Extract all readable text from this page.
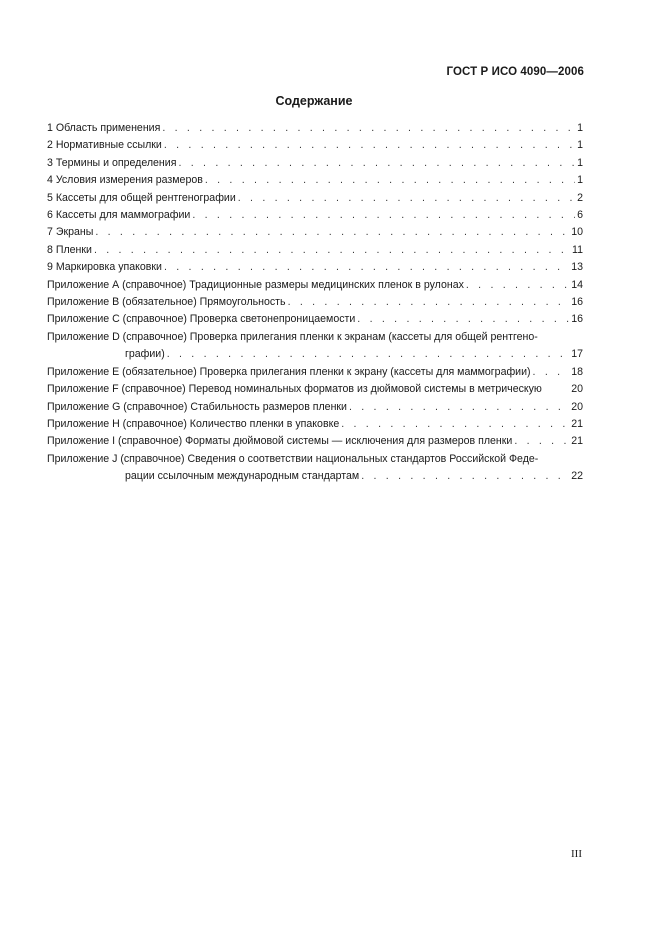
ГОСТ Р ИСО 4090—2006
Содержание
1 Область применения . . .	1
2 Нормативные ссылки . . .	1
3 Термины и определения . . .	1
4 Условия измерения размеров . . .	1
5 Кассеты для общей рентгенографии . . .	2
6 Кассеты для маммографии . . .	6
7 Экраны . . .	10
8 Пленки . . .	11
9 Маркировка упаковки . . .	13
Приложение А (справочное) Традиционные размеры медицинских пленок в рулонах . . .	14
Приложение В (обязательное) Прямоугольность . . .	16
Приложение С (справочное) Проверка светонепроницаемости . . .	16
Приложение D (справочное) Проверка прилегания пленки к экранам (кассеты для общей рентгено-
графии) . . .	17
Приложение Е (обязательное) Проверка прилегания пленки к экрану (кассеты для маммографии) . . .	18
Приложение F (справочное) Перевод номинальных форматов из дюймовой системы в метрическую	20
Приложение G (справочное) Стабильность размеров пленки . . .	20
Приложение Н (справочное) Количество пленки в упаковке . . .	21
Приложение I (справочное) Форматы дюймовой системы — исключения для размеров пленки . . .	21
Приложение J (справочное) Сведения о соответствии национальных стандартов Российской Феде-
рации ссылочным международным стандартам . . .	22
III
